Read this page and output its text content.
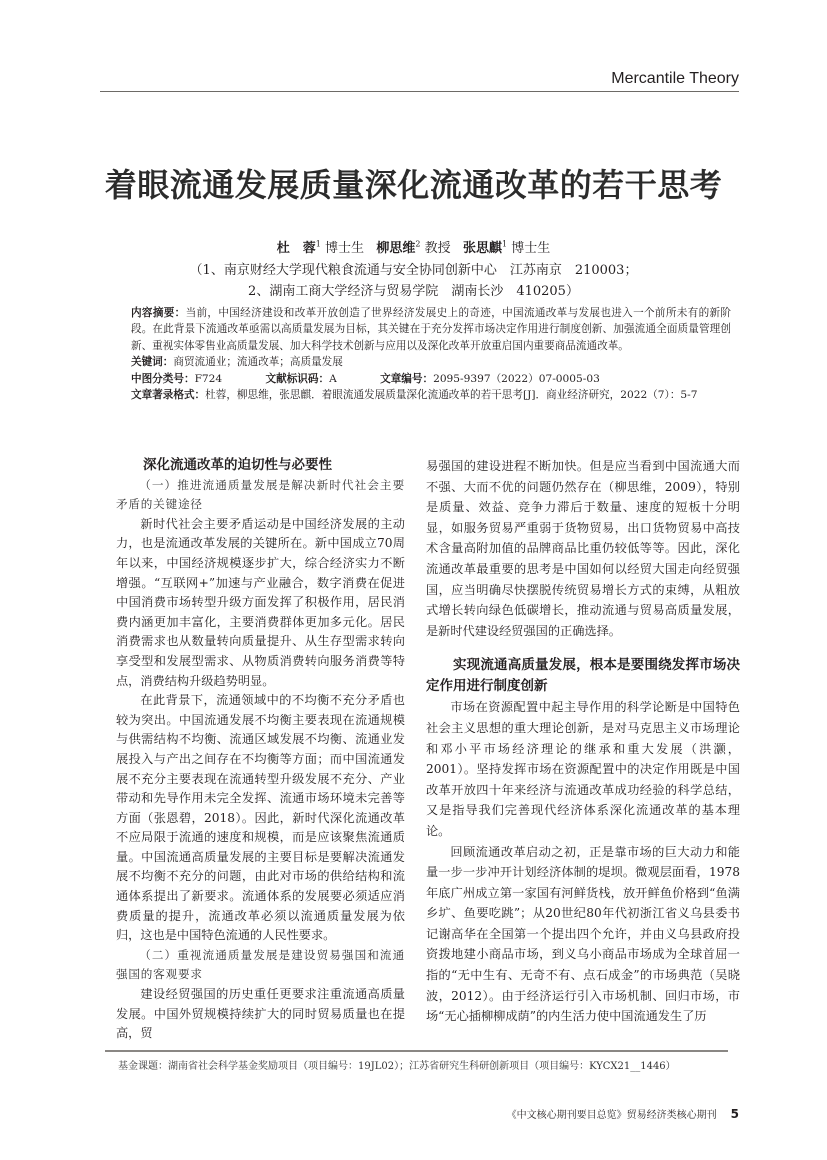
Mercantile Theory
着眼流通发展质量深化流通改革的若干思考
杜　蓉$^1$ 博士生 柳思维$^2$ 教授 张思麒$^1$ 博士生
（1、南京财经大学现代粮食流通与安全协同创新中心　江苏南京　210003；
2、湖南工商大学经济与贸易学院　湖南长沙　410205）
内容摘要：当前，中国经济建设和改革开放创造了世界经济发展史上的奇迹，中国流通改革与发展也进入一个前所未有的新阶段。在此背景下流通改革亟需以高质量发展为目标，其关键在于充分发挥市场决定作用进行制度创新、加强流通全面质量管理创新、重视实体零售业高质量发展、加大科学技术创新与应用以及深化改革开放重启国内重要商品流通改革。
关键词：商贸流通业；流通改革；高质量发展
中图分类号：F724	文献标识码：A	文章编号：2095-9397（2022）07-0005-03
文章著录格式：杜蓉，柳思维，张思麒．着眼流通发展质量深化流通改革的若干思考[J]．商业经济研究，2022（7）：5-7
深化流通改革的迫切性与必要性
（一）推进流通质量发展是解决新时代社会主要矛盾的关键途径

新时代社会主要矛盾运动是中国经济发展的主动力，也是流通改革发展的关键所在。新中国成立70周年以来，中国经济规模逐步扩大，综合经济实力不断增强。“互联网+”加速与产业融合，数字消费在促进中国消费市场转型升级方面发挥了积极作用，居民消费内涵更加丰富化，主要消费群体更加多元化。居民消费需求也从数量转向质量提升、从生存型需求转向享受型和发展型需求、从物质消费转向服务消费等特点，消费结构升级趋势明显。

在此背景下，流通领域中的不均衡不充分矛盾也较为突出。中国流通发展不均衡主要表现在流通规模与供需结构不均衡、流通区域发展不均衡、流通业发展投入与产出之间存在不均衡等方面；而中国流通发展不充分主要表现在流通转型升级发展不充分、产业带动和先导作用未完全发挥、流通市场环境未完善等方面（张恩碧，2018）。因此，新时代深化流通改革不应局限于流通的速度和规模，而是应该聚焦流通质量。中国流通高质量发展的主要目标是要解决流通发展不均衡不充分的问题，由此对市场的供给结构和流通体系提出了新要求。流通体系的发展要必须适应消费质量的提升，流通改革必须以流通质量发展为依归，这也是中国特色流通的人民性要求。

（二）重视流通质量发展是建设贸易强国和流通强国的客观要求

建设经贸强国的历史重任更要求注重流通高质量发展。中国外贸规模持续扩大的同时贸易质量也在提高，贸

易强国的建设进程不断加快。但是应当看到中国流通大而不强、大而不优的问题仍然存在（柳思维，2009），特别是质量、效益、竞争力滞后于数量、速度的短板十分明显，如服务贸易严重弱于货物贸易，出口货物贸易中高技术含量高附加值的品牌商品比重仍较低等等。因此，深化流通改革最重要的思考是中国如何以经贸大国走向经贸强国，应当明确尽快摆脱传统贸易增长方式的束缚，从粗放式增长转向绿色低碳增长，推动流通与贸易高质量发展，是新时代建设经贸强国的正确选择。

实现流通高质量发展，根本是要围绕发挥市场决定作用进行制度创新

市场在资源配置中起主导作用的科学论断是中国特色社会主义思想的重大理论创新，是对马克思主义市场理论和邓小平市场经济理论的继承和重大发展（洪灏，2001）。坚持发挥市场在资源配置中的决定作用既是中国改革开放四十年来经济与流通改革成功经验的科学总结，又是指导我们完善现代经济体系深化流通改革的基本理论。

回顾流通改革启动之初，正是靠市场的巨大动力和能量一步一步冲开计划经济体制的堤坝。微观层面看，1978年底广州成立第一家国有河鲜货栈，放开鲜鱼价格到“鱼满乡圹、鱼要吃跳”；从20世纪80年代初浙江省义乌县委书记谢高华在全国第一个提出四个允许，并由义乌县政府投资拨地建小商品市场，到义乌小商品市场成为全球首屈一指的“无中生有、无奇不有、点石成金”的市场典范（吴晓波，2012）。由于经济运行引入市场机制、回归市场，市场“无心插柳柳成荫”的内生活力使中国流通发生了历

基金课题：湖南省社会科学基金奖励项目（项目编号：19JL02）；江苏省研究生科研创新项目（项目编号：KYCX21__1446）
《中文核心期刊要目总览》贸易经济类核心期刊 5
